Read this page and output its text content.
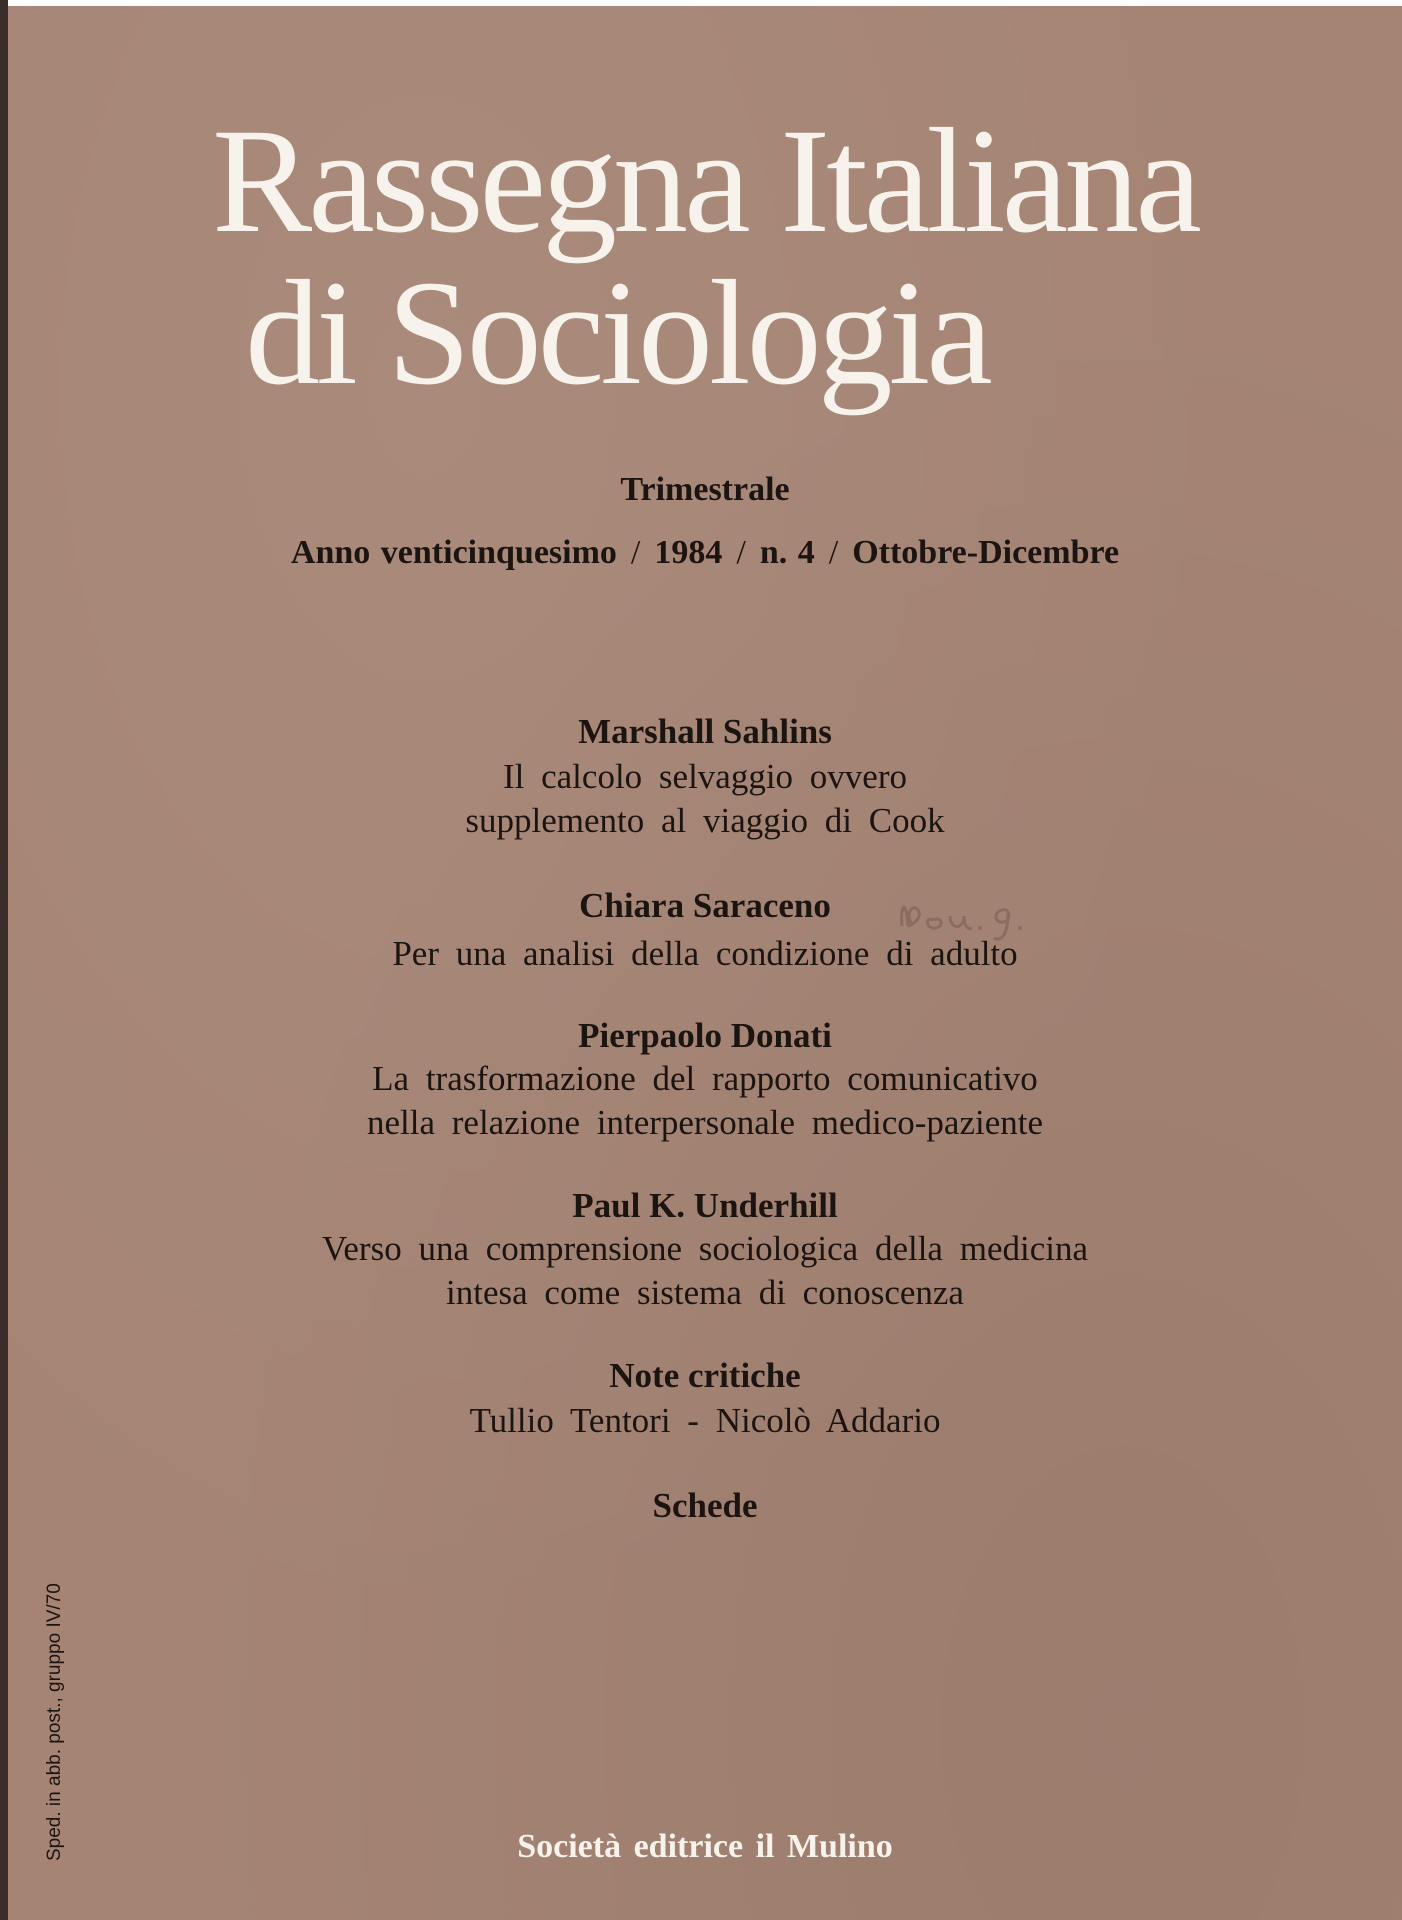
Rassegna Italiana
di Sociologia
Trimestrale
Anno venticinquesimo / 1984 / n. 4 / Ottobre-Dicembre
Marshall Sahlins
Il calcolo selvaggio ovvero
supplemento al viaggio di Cook
Chiara Saraceno
Per una analisi della condizione di adulto
Pierpaolo Donati
La trasformazione del rapporto comunicativo
nella relazione interpersonale medico-paziente
Paul K. Underhill
Verso una comprensione sociologica della medicina
intesa come sistema di conoscenza
Note critiche
Tullio Tentori - Nicolò Addario
Schede
Società editrice il Mulino
Sped. in abb. post., gruppo IV/70
